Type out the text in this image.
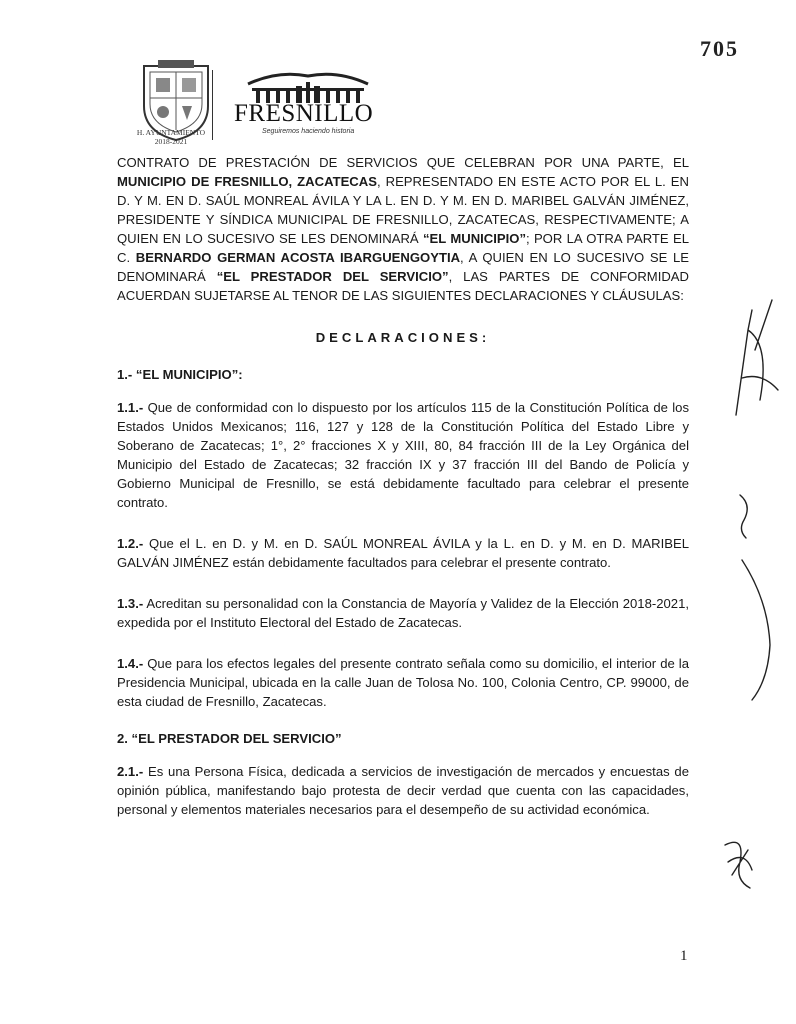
705
H. AYUNTAMIENTO
2018-2021
FRESNILLO
Seguiremos haciendo historia

CONTRATO DE PRESTACIÓN DE SERVICIOS QUE CELEBRAN POR UNA PARTE, EL MUNICIPIO DE FRESNILLO, ZACATECAS, REPRESENTADO EN ESTE ACTO POR EL L. EN D. Y M. EN D. SAÚL MONREAL ÁVILA Y LA L. EN D. Y M. EN D. MARIBEL GALVÁN JIMÉNEZ, PRESIDENTE Y SÍNDICA MUNICIPAL DE FRESNILLO, ZACATECAS, RESPECTIVAMENTE; A QUIEN EN LO SUCESIVO SE LES DENOMINARÁ “EL MUNICIPIO”; POR LA OTRA PARTE EL C. BERNARDO GERMAN ACOSTA IBARGUENGOYTIA, A QUIEN EN LO SUCESIVO SE LE DENOMINARÁ “EL PRESTADOR DEL SERVICIO”, LAS PARTES DE CONFORMIDAD ACUERDAN SUJETARSE AL TENOR DE LAS SIGUIENTES DECLARACIONES Y CLÁUSULAS:

DECLARACIONES:
1.- “EL MUNICIPIO”:

1.1.- Que de conformidad con lo dispuesto por los artículos 115 de la Constitución Política de los Estados Unidos Mexicanos; 116, 127 y 128 de la Constitución Política del Estado Libre y Soberano de Zacatecas; 1°, 2° fracciones X y XIII, 80, 84 fracción III de la Ley Orgánica del Municipio del Estado de Zacatecas; 32 fracción IX y 37 fracción III del Bando de Policía y Gobierno Municipal de Fresnillo, se está debidamente facultado para celebrar el presente contrato.

1.2.- Que el L. en D. y M. en D. SAÚL MONREAL ÁVILA y la L. en D. y M. en D. MARIBEL GALVÁN JIMÉNEZ están debidamente facultados para celebrar el presente contrato.

1.3.- Acreditan su personalidad con la Constancia de Mayoría y Validez de la Elección 2018-2021, expedida por el Instituto Electoral del Estado de Zacatecas.

1.4.- Que para los efectos legales del presente contrato señala como su domicilio, el interior de la Presidencia Municipal, ubicada en la calle Juan de Tolosa No. 100, Colonia Centro, CP. 99000, de esta ciudad de Fresnillo, Zacatecas.

2. “EL PRESTADOR DEL SERVICIO”

2.1.- Es una Persona Física, dedicada a servicios de investigación de mercados y encuestas de opinión pública, manifestando bajo protesta de decir verdad que cuenta con las capacidades, personal y elementos materiales necesarios para el desempeño de su actividad económica.

1
